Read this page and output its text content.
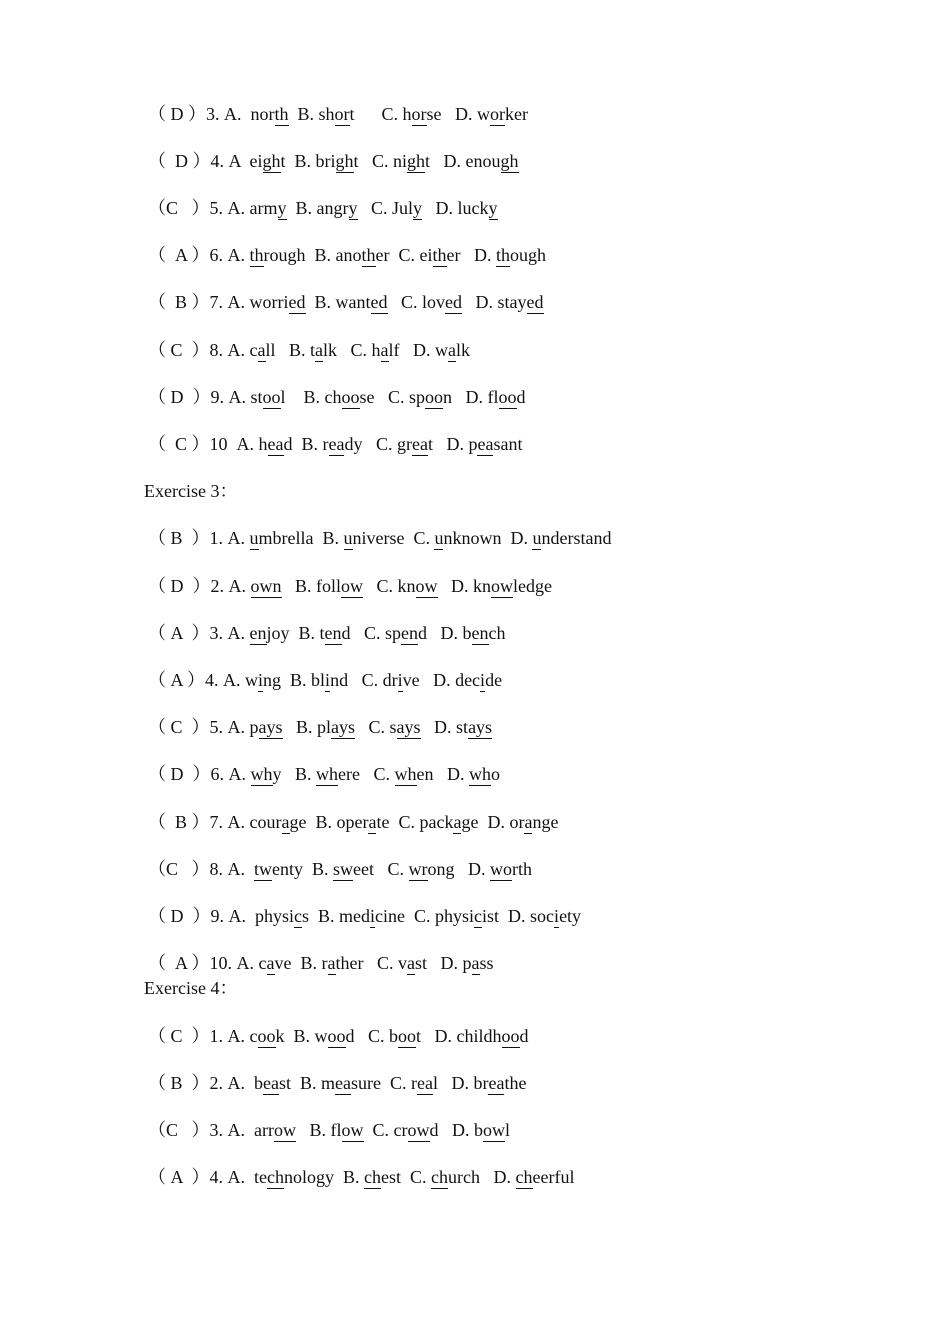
（ D ）3. A.  north  B. short      C. horse   D. worker
（  D ）4. A  eight  B. bright   C. night   D. enough
（C   ）5. A. army  B. angry   C. July   D. lucky
（  A ）6. A. through  B. another  C. either   D. though
（  B ）7. A. worried  B. wanted   C. loved   D. stayed
（ C  ）8. A. call   B. talk   C. half   D. walk
（ D  ）9. A. stool    B. choose   C. spoon   D. flood
（  C ）10  A. head  B. ready   C. great   D. peasant
Exercise 3：
（ B  ）1. A. umbrella  B. universe  C. unknown  D. understand
（ D  ）2. A. own   B. follow   C. know   D. knowledge
（ A  ）3. A. enjoy  B. tend   C. spend   D. bench
（ A ）4. A. wing  B. blind   C. drive   D. decide
（ C  ）5. A. pays   B. plays   C. says   D. stays
（ D  ）6. A. why   B. where   C. when   D. who
（  B ）7. A. courage  B. operate  C. package  D. orange
（C   ）8. A.  twenty  B. sweet   C. wrong   D. worth
（ D  ）9. A.  physics  B. medicine  C. physicist  D. society
（  A ）10. A. cave  B. rather   C. vast   D. pass
Exercise 4：
（ C  ）1. A. cook  B. wood   C. boot   D. childhood
（ B  ）2. A.  beast  B. measure  C. real   D. breathe
（C   ）3. A.  arrow   B. flow  C. crowd   D. bowl
（ A  ）4. A.  technology  B. chest  C. church   D. cheerful
